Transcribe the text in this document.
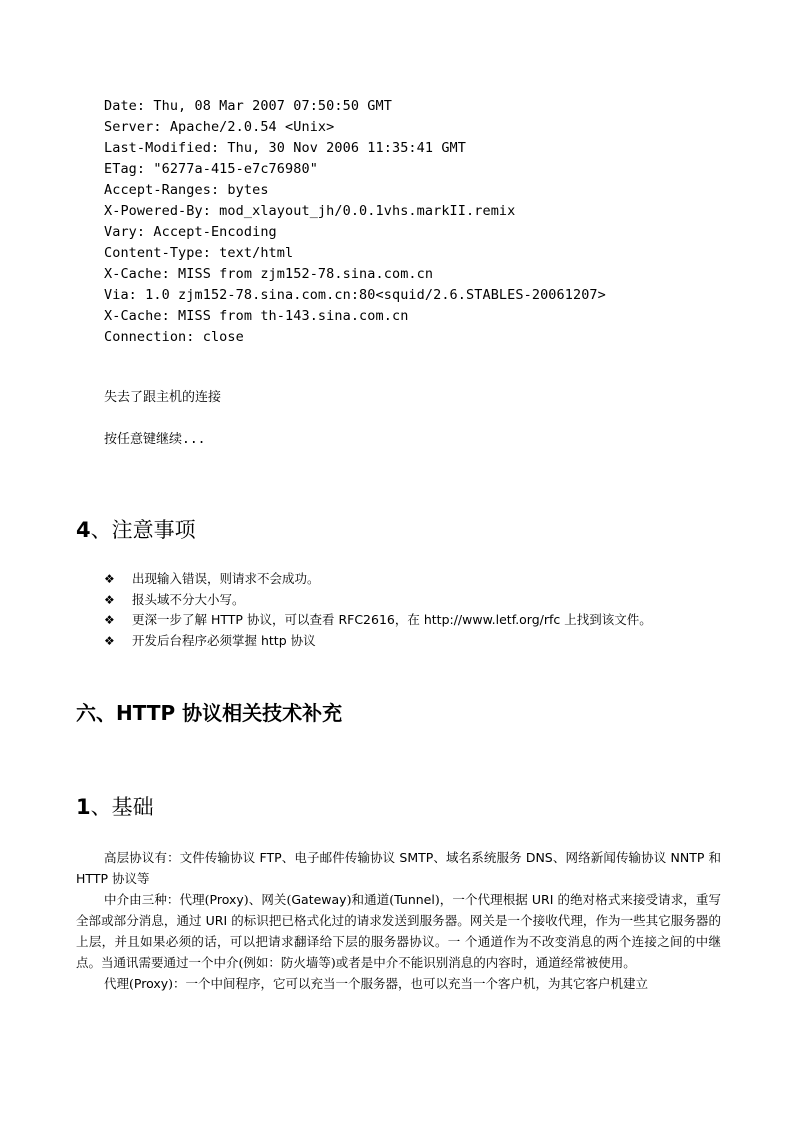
Date: Thu, 08 Mar 2007 07:50:50 GMT
Server: Apache/2.0.54 <Unix>
Last-Modified: Thu, 30 Nov 2006 11:35:41 GMT
ETag: "6277a-415-e7c76980"
Accept-Ranges: bytes
X-Powered-By: mod_xlayout_jh/0.0.1vhs.markII.remix
Vary: Accept-Encoding
Content-Type: text/html
X-Cache: MISS from zjm152-78.sina.com.cn
Via: 1.0 zjm152-78.sina.com.cn:80<squid/2.6.STABLES-20061207>
X-Cache: MISS from th-143.sina.com.cn
Connection: close
失去了跟主机的连接
按任意键继续...
4、注意事项
❖ 出现输入错误，则请求不会成功。
❖ 报头域不分大小写。
❖ 更深一步了解 HTTP 协议，可以查看 RFC2616，在 http://www.letf.org/rfc 上找到该文件。
❖ 开发后台程序必须掌握 http 协议
六、HTTP 协议相关技术补充
1、基础

高层协议有：文件传输协议 FTP、电子邮件传输协议 SMTP、域名系统服务 DNS、网络新闻传输协议 NNTP 和 HTTP 协议等

中介由三种：代理(Proxy)、网关(Gateway)和通道(Tunnel)，一个代理根据 URI 的绝对格式来接受请求，重写全部或部分消息，通过 URI 的标识把已格式化过的请求发送到服务器。网关是一个接收代理，作为一些其它服务器的上层，并且如果必须的话，可以把请求翻译给下层的服务器协议。一 个通道作为不改变消息的两个连接之间的中继点。当通讯需要通过一个中介(例如：防火墙等)或者是中介不能识别消息的内容时，通道经常被使用。

代理(Proxy)：一个中间程序，它可以充当一个服务器，也可以充当一个客户机，为其它客户机建立
